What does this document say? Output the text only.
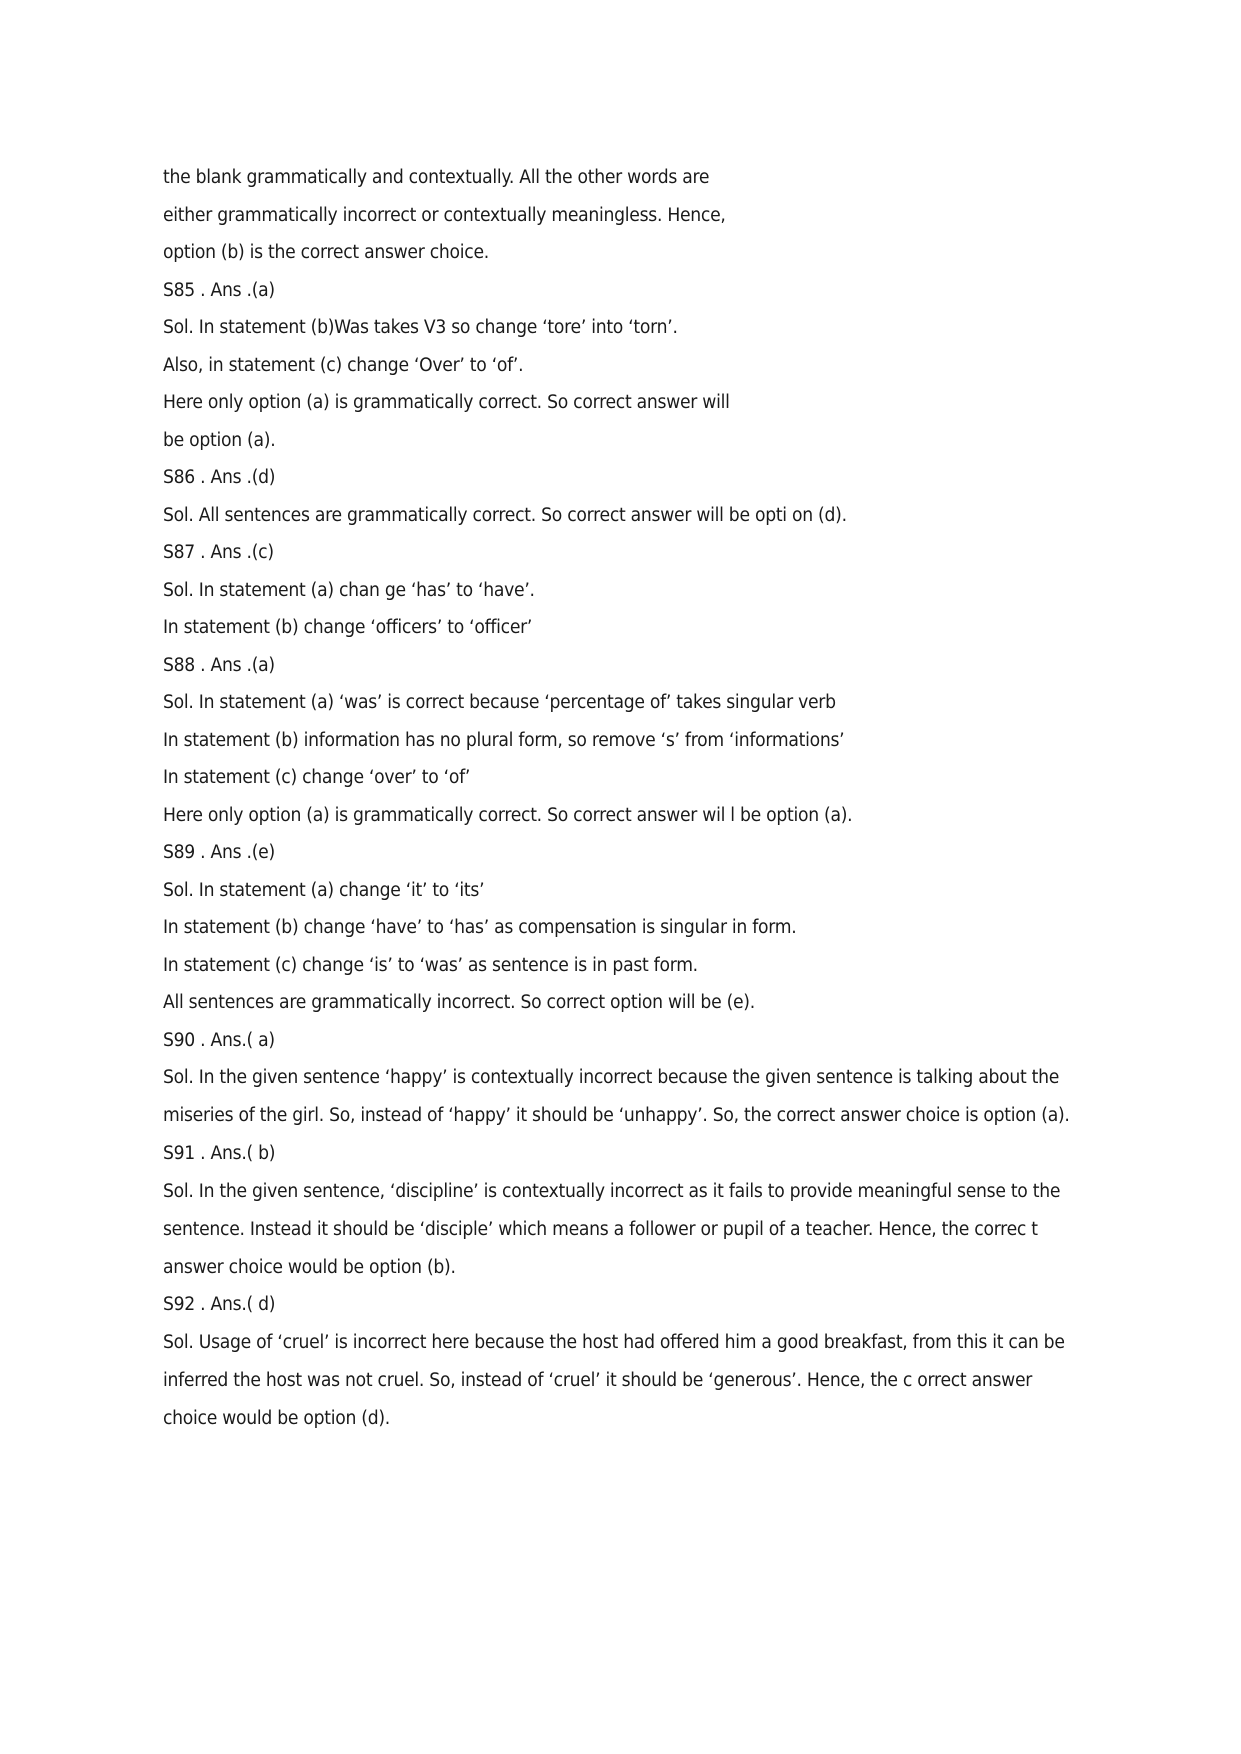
the blank grammatically and contextually. All the other words are

either grammatically incorrect or contextually meaningless. Hence,

option (b) is the correct answer choice.

S85 . Ans .(a)

Sol. In statement (b)Was takes V3 so change ‘tore’ into ‘torn’.

Also, in statement (c) change ‘Over’ to ‘of’.

Here only option (a) is grammatically correct. So correct answer will

be option (a).

S86 . Ans .(d)

Sol. All sentences are grammatically correct. So correct answer will be opti on (d).

S87 . Ans .(c)

Sol. In statement (a) chan ge ‘has’ to ‘have’.

In statement (b) change ‘officers’ to ‘officer’

S88 . Ans .(a)

Sol. In statement (a) ‘was’ is correct because ‘percentage of’ takes singular verb

In statement (b) information has no plural form, so remove ‘s’ from ‘informations’

In statement (c) change ‘over’ to ‘of’

Here only option (a) is grammatically correct. So correct answer wil l be option (a).

S89 . Ans .(e)

Sol. In statement (a) change ‘it’ to ‘its’

In statement (b) change ‘have’ to ‘has’ as compensation is singular in form.

In statement (c) change ‘is’ to ‘was’ as sentence is in past form.

All sentences are grammatically incorrect. So correct option will be (e).

S90 . Ans.( a)

Sol. In the given sentence ‘happy’ is contextually incorrect because the given sentence is talking about the

miseries of the girl. So, instead of ‘happy’ it should be ‘unhappy’. So, the correct answer choice is option (a).

S91 . Ans.( b)

Sol. In the given sentence, ‘discipline’ is contextually incorrect as it fails to provide meaningful sense to the

sentence. Instead it should be ‘disciple’ which means a follower or pupil of a teacher. Hence, the correc t

answer choice would be option (b).

S92 . Ans.( d)

Sol. Usage of ‘cruel’ is incorrect here because the host had offered him a good breakfast, from this it can be

inferred the host was not cruel. So, instead of ‘cruel’ it should be ‘generous’. Hence, the c orrect answer

choice would be option (d).
